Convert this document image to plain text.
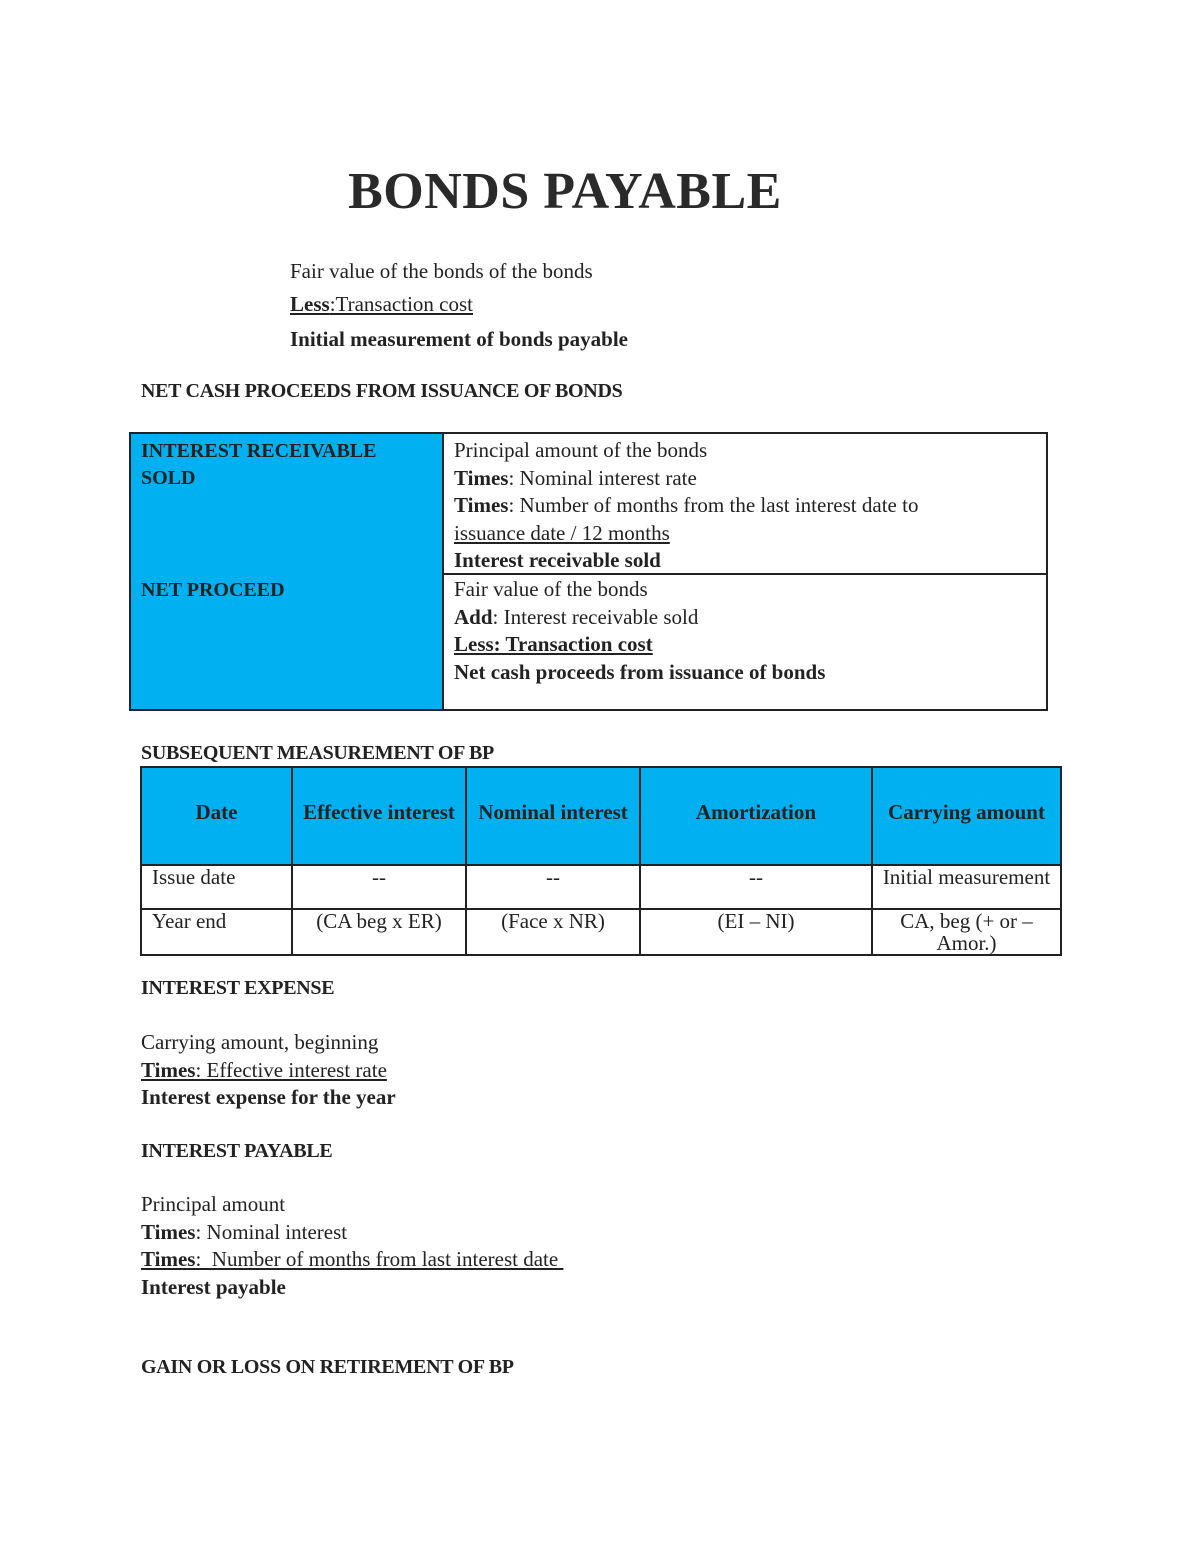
BONDS PAYABLE
Fair value of the bonds of the bonds
Less:Transaction cost
Initial measurement of bonds payable
NET CASH PROCEEDS FROM ISSUANCE OF BONDS
INTEREST RECEIVABLE SOLD
Principal amount of the bonds
Times: Nominal interest rate
Times: Number of months from the last interest date to
issuance date / 12 months
Interest receivable sold
NET PROCEED	Fair value of the bonds
Add: Interest receivable sold
Less: Transaction cost
Net cash proceeds from issuance of bonds
SUBSEQUENT MEASUREMENT OF BP
Date	Effective interest	Nominal interest	Amortization	Carrying amount
Issue date	--	--	--	Initial measurement
Year end	(CA beg x ER)	(Face x NR)	(EI – NI)	CA, beg (+ or – Amor.)
INTEREST EXPENSE
Carrying amount, beginning
Times: Effective interest rate
Interest expense for the year
INTEREST PAYABLE
Principal amount
Times: Nominal interest
Times:  Number of months from last interest date
Interest payable
GAIN OR LOSS ON RETIREMENT OF BP
